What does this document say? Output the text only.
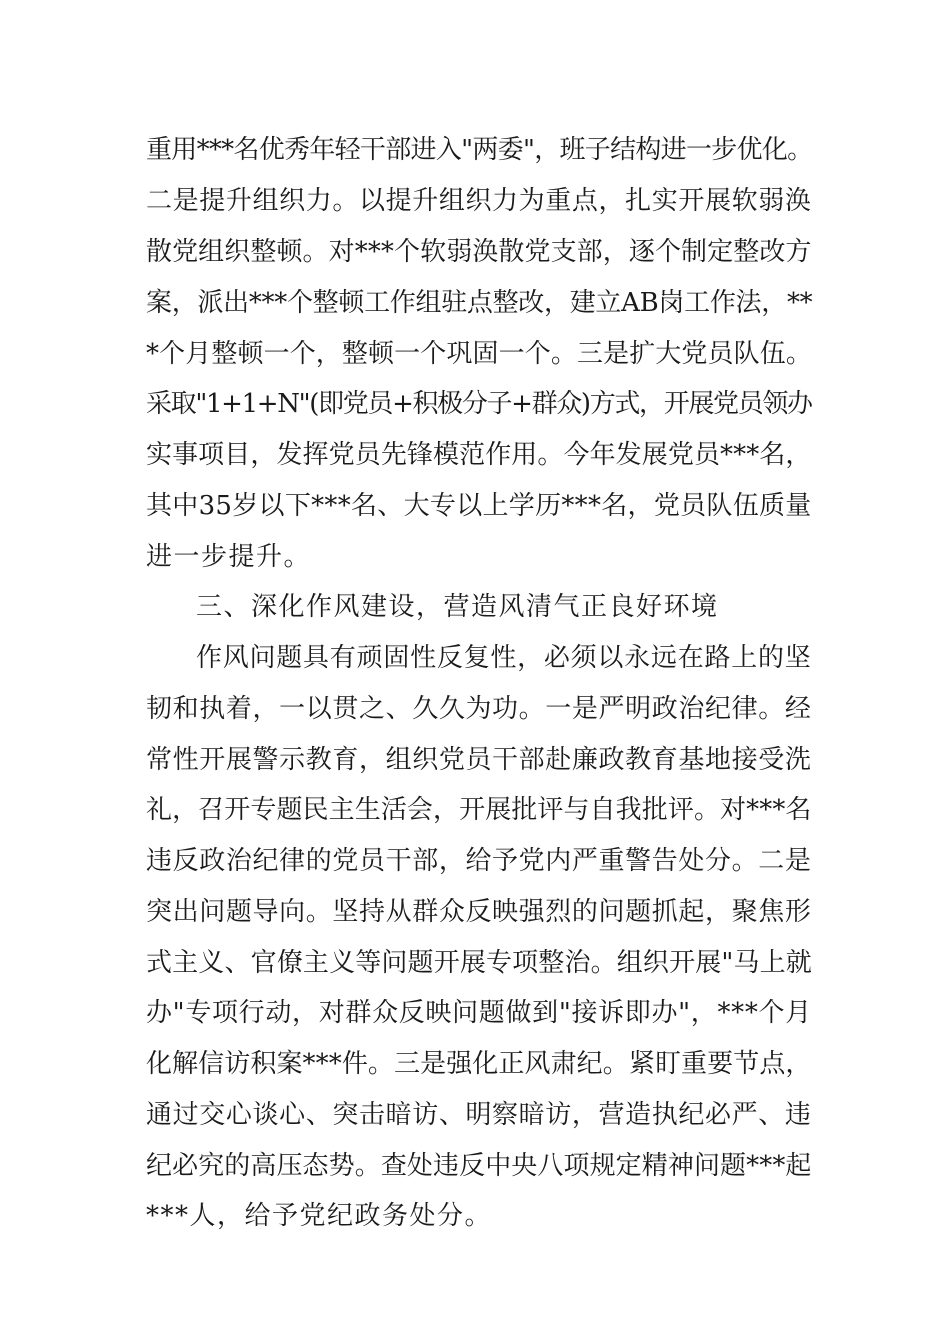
重用***名优秀年轻干部进入"两委"，班子结构进一步优化。
二是提升组织力。以提升组织力为重点，扎实开展软弱涣
散党组织整顿。对***个软弱涣散党支部，逐个制定整改方
案，派出***个整顿工作组驻点整改，建立AB岗工作法，**
*个月整顿一个，整顿一个巩固一个。三是扩大党员队伍。
采取"1+1+N"(即党员+积极分子+群众)方式，开展党员领办
实事项目，发挥党员先锋模范作用。今年发展党员***名，
其中35岁以下***名、大专以上学历***名，党员队伍质量
进一步提升。
三、深化作风建设，营造风清气正良好环境
作风问题具有顽固性反复性，必须以永远在路上的坚
韧和执着，一以贯之、久久为功。一是严明政治纪律。经
常性开展警示教育，组织党员干部赴廉政教育基地接受洗
礼，召开专题民主生活会，开展批评与自我批评。对***名
违反政治纪律的党员干部，给予党内严重警告处分。二是
突出问题导向。坚持从群众反映强烈的问题抓起，聚焦形
式主义、官僚主义等问题开展专项整治。组织开展"马上就
办"专项行动，对群众反映问题做到"接诉即办"，***个月
化解信访积案***件。三是强化正风肃纪。紧盯重要节点，
通过交心谈心、突击暗访、明察暗访，营造执纪必严、违
纪必究的高压态势。查处违反中央八项规定精神问题***起
***人，给予党纪政务处分。
